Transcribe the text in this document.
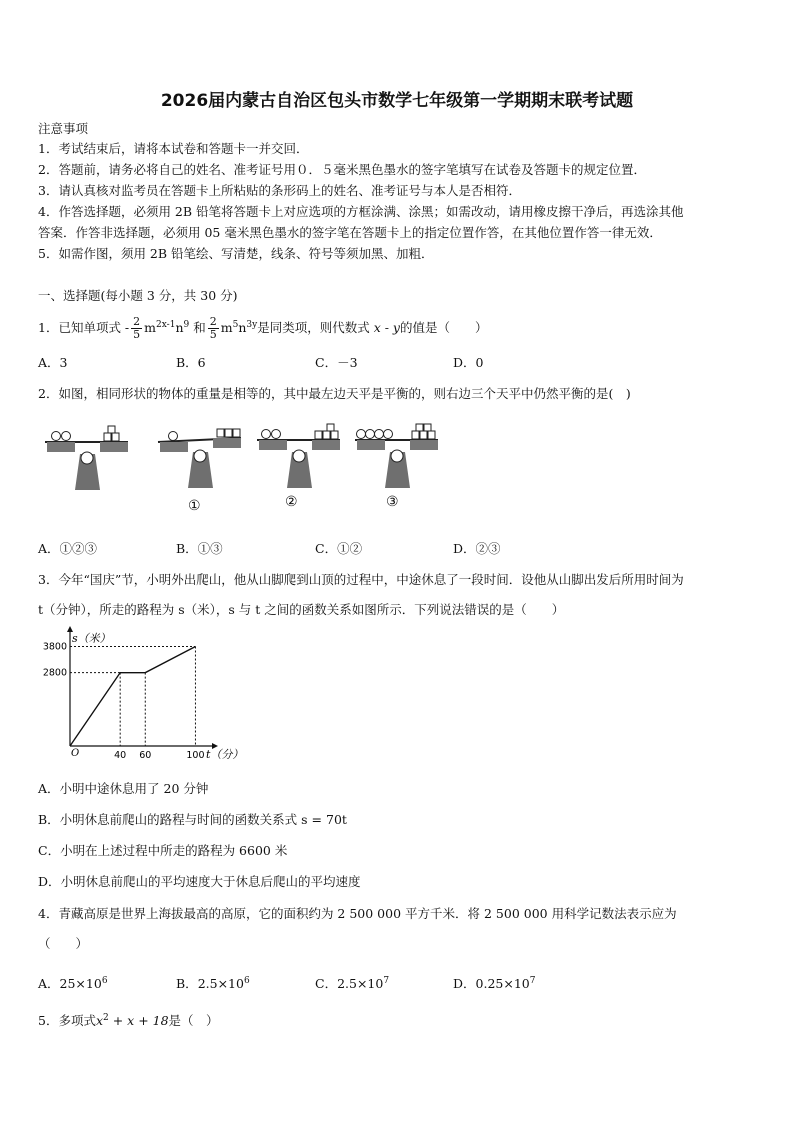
2026届内蒙古自治区包头市数学七年级第一学期期末联考试题
注意事项
1．考试结束后，请将本试卷和答题卡一并交回．
2．答题前，请务必将自己的姓名、准考证号用０．５毫米黑色墨水的签字笔填写在试卷及答题卡的规定位置．
3．请认真核对监考员在答题卡上所粘贴的条形码上的姓名、准考证号与本人是否相符．
4．作答选择题，必须用 2B 铅笔将答题卡上对应选项的方框涂满、涂黑；如需改动，请用橡皮擦干净后，再选涂其他
答案．作答非选择题，必须用 05 毫米黑色墨水的签字笔在答题卡上的指定位置作答，在其他位置作答一律无效．
5．如需作图，须用 2B 铅笔绘、写清楚，线条、符号等须加黑、加粗．
一、选择题(每小题 3 分，共 30 分)
1．已知单项式 - $\frac{2}{5} m^{2x-1}n^9$ 和 $\frac{2}{5} m^5n^{3y}$是同类项，则代数式 x - y的值是（　　）
A．3	B．6	C．－3	D．0
2．如图，相同形状的物体的重量是相等的，其中最左边天平是平衡的，则右边三个天平中仍然平衡的是(　)
①	②	③
A．①②③	B．①③	C．①②	D．②③
3．今年“国庆”节，小明外出爬山，他从山脚爬到山顶的过程中，中途休息了一段时间．设他从山脚出发后所用时间为
t（分钟），所走的路程为 s（米），s 与 t 之间的函数关系如图所示．下列说法错误的是（　　）
s（米）
t（分）
O
3800
2800
40 60	100
A．小明中途休息用了 20 分钟
B．小明休息前爬山的路程与时间的函数关系式 s = 70t
C．小明在上述过程中所走的路程为 6600 米
D．小明休息前爬山的平均速度大于休息后爬山的平均速度
4．青藏高原是世界上海拔最高的高原，它的面积约为 2 500 000 平方千米．将 2 500 000 用科学记数法表示应为
（　　）
A．$25\times 10^6$	B．$2.5\times 10^6$	C．$2.5\times 10^7$	D．$0.25\times 10^7$
5．多项式$x^2 + x + 18$是（　）
